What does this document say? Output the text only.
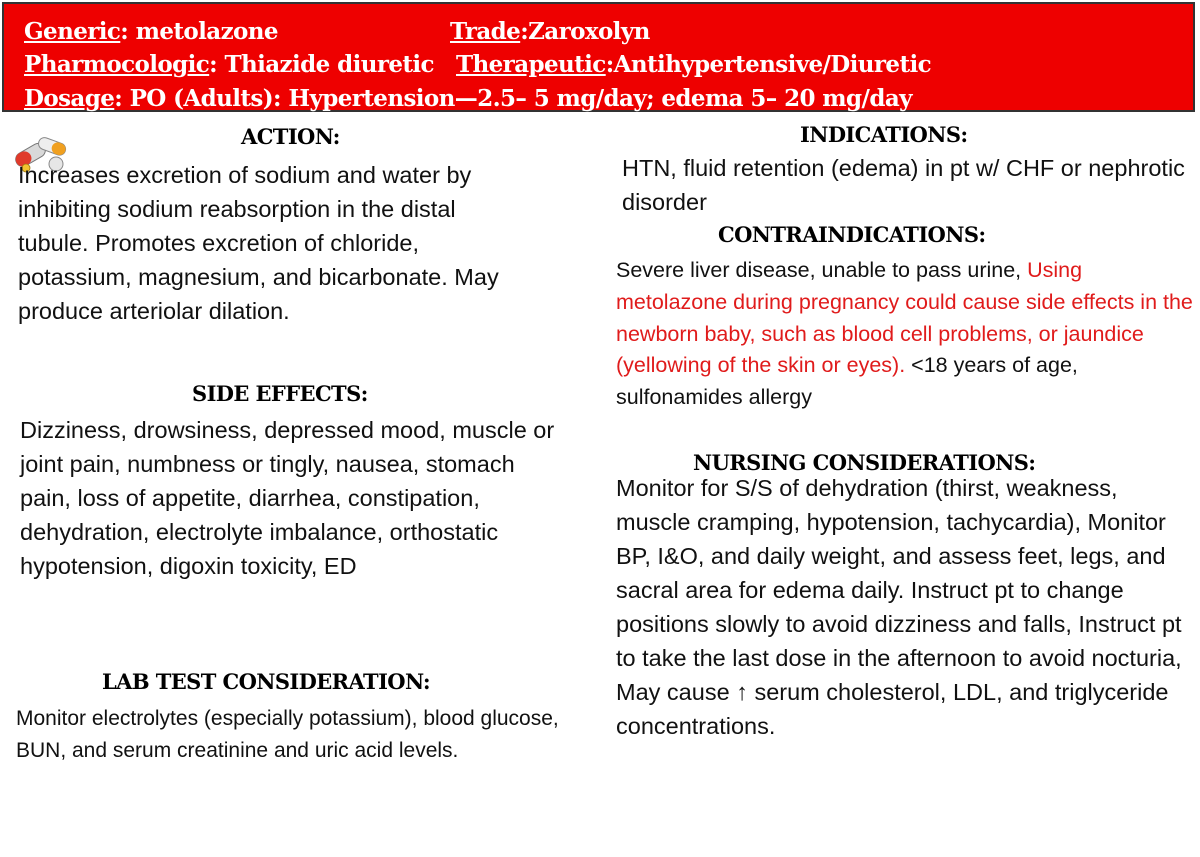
Generic: metolazone	Trade:Zaroxolyn
Pharmocologic: Thiazide diuretic Therapeutic:Antihypertensive/Diuretic
Dosage: PO (Adults): Hypertension—2.5– 5 mg/day; edema 5– 20 mg/day
ACTION:
Increases excretion of sodium and water by inhibiting sodium reabsorption in the distal tubule. Promotes excretion of chloride, potassium, magnesium, and bicarbonate. May produce arteriolar dilation.
SIDE EFFECTS:
Dizziness, drowsiness, depressed mood, muscle or joint pain, numbness or tingly, nausea, stomach pain, loss of appetite, diarrhea, constipation, dehydration, electrolyte imbalance, orthostatic hypotension, digoxin toxicity, ED
LAB TEST CONSIDERATION:
Monitor electrolytes (especially potassium), blood glucose, BUN, and serum creatinine and uric acid levels.
INDICATIONS:
HTN, fluid retention (edema) in pt w/ CHF or nephrotic disorder
CONTRAINDICATIONS:
Severe liver disease, unable to pass urine, Using metolazone during pregnancy could cause side effects in the newborn baby, such as blood cell problems, or jaundice (yellowing of the skin or eyes). <18 years of age, sulfonamides allergy
NURSING CONSIDERATIONS:
Monitor for S/S of dehydration (thirst, weakness, muscle cramping, hypotension, tachycardia), Monitor BP, I&O, and daily weight, and assess feet, legs, and sacral area for edema daily. Instruct pt to change positions slowly to avoid dizziness and falls, Instruct pt to take the last dose in the afternoon to avoid nocturia, May cause ↑ serum cholesterol, LDL, and triglyceride concentrations.
